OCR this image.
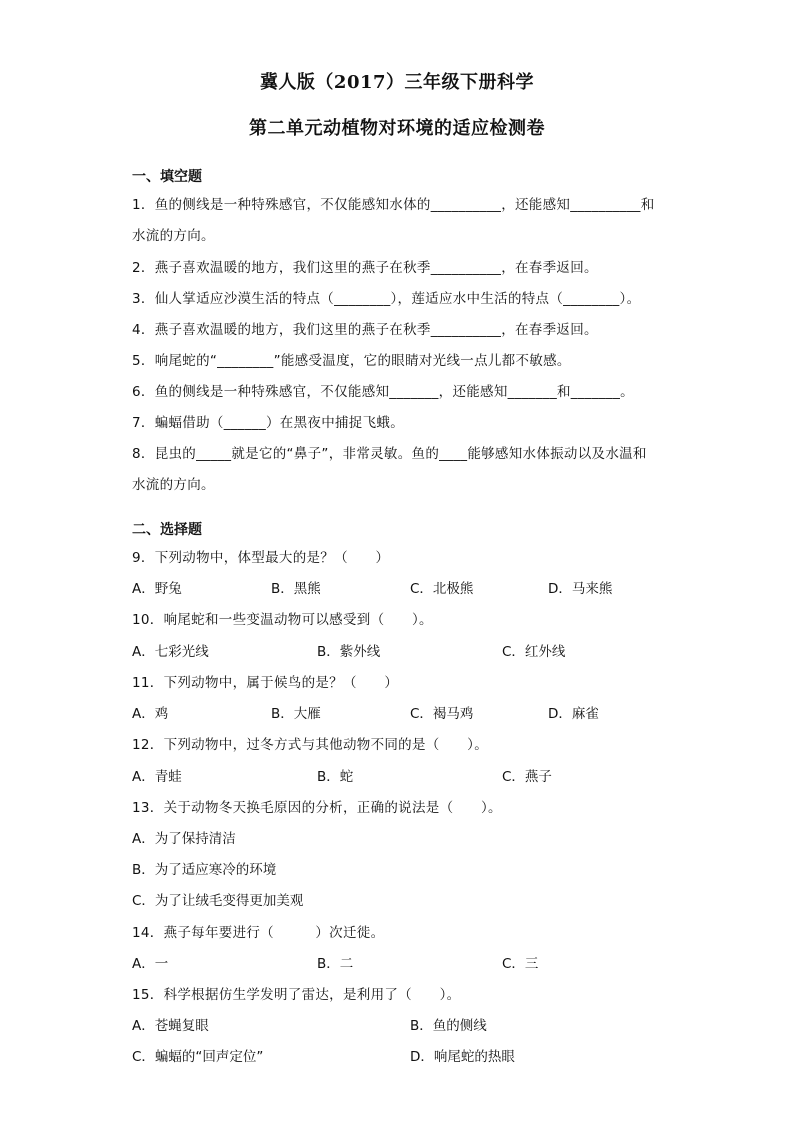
冀人版（2017）三年级下册科学
第二单元动植物对环境的适应检测卷
一、填空题
1．鱼的侧线是一种特殊感官，不仅能感知水体的__________，还能感知__________和
水流的方向。
2．燕子喜欢温暖的地方，我们这里的燕子在秋季__________，在春季返回。
3．仙人掌适应沙漠生活的特点（________），莲适应水中生活的特点（________）。
4．燕子喜欢温暖的地方，我们这里的燕子在秋季__________，在春季返回。
5．响尾蛇的“________”能感受温度，它的眼睛对光线一点儿都不敏感。
6．鱼的侧线是一种特殊感官，不仅能感知_______，还能感知_______和_______。
7．蝙蝠借助（______）在黑夜中捕捉飞蛾。
8．昆虫的_____就是它的“鼻子”，非常灵敏。鱼的____能够感知水体振动以及水温和
水流的方向。
二、选择题
9．下列动物中，体型最大的是？（　　）
A．野兔	B．黑熊	C．北极熊	D．马来熊
10．响尾蛇和一些变温动物可以感受到（　　）。
A．七彩光线	B．紫外线	C．红外线
11．下列动物中，属于候鸟的是？（　　）
A．鸡	B．大雁	C．褐马鸡	D．麻雀
12．下列动物中，过冬方式与其他动物不同的是（　　）。
A．青蛙	B．蛇	C．燕子
13．关于动物冬天换毛原因的分析，正确的说法是（　　）。
A．为了保持清洁
B．为了适应寒冷的环境
C．为了让绒毛变得更加美观
14．燕子每年要进行（　　　）次迁徙。
A．一	B．二	C．三
15．科学根据仿生学发明了雷达，是利用了（　　）。
A．苍蝇复眼	B．鱼的侧线
C．蝙蝠的“回声定位”	D．响尾蛇的热眼
